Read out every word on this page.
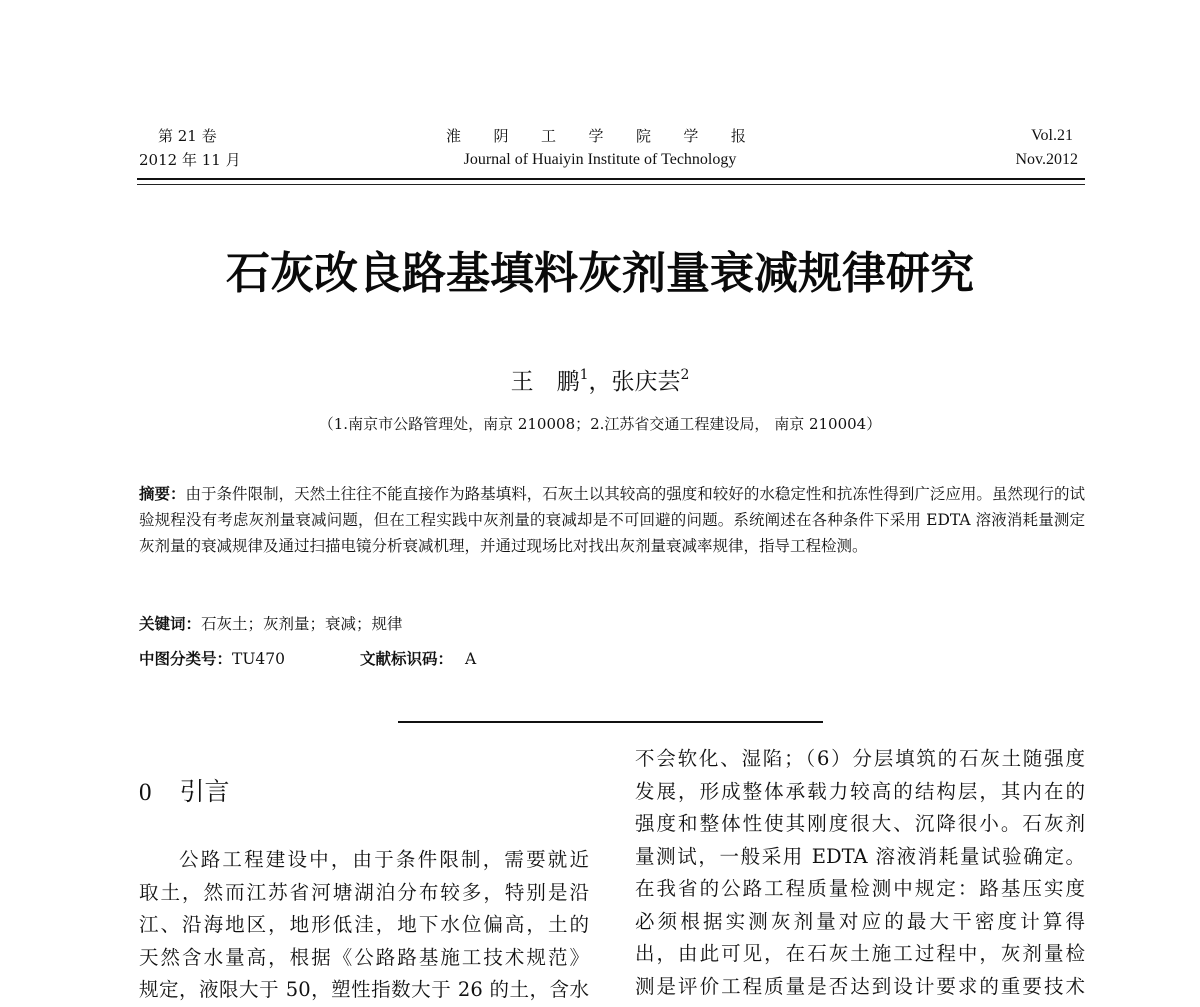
第 21 卷
2012 年 11 月
淮 阴 工 学 院 学 报
Journal of Huaiyin Institute of Technology
Vol.21
Nov.2012
石灰改良路基填料灰剂量衰减规律研究
王　鹏$^1$，张庆芸$^2$
（1.南京市公路管理处，南京 210008；2.江苏省交通工程建设局， 南京 210004）
摘要：由于条件限制，天然土往往不能直接作为路基填料，石灰土以其较高的强度和较好的水稳定性和抗冻性得到广泛应用。虽然现行的试验规程没有考虑灰剂量衰减问题，但在工程实践中灰剂量的衰减却是不可回避的问题。系统阐述在各种条件下采用 EDTA 溶液消耗量测定灰剂量的衰减规律及通过扫描电镜分析衰减机理，并通过现场比对找出灰剂量衰减率规律，指导工程检测。
关键词：石灰土；灰剂量；衰减；规律
中图分类号：TU470	文献标识码： A
0 引言
公路工程建设中，由于条件限制，需要就近
取土，然而江苏省河塘湖泊分布较多，特别是沿
江、沿海地区，地形低洼，地下水位偏高，土的
天然含水量高，根据《公路路基施工技术规范》
规定，液限大于 50，塑性指数大于 26 的土，含水
不会软化、湿陷；（6）分层填筑的石灰土随强度
发展，形成整体承载力较高的结构层，其内在的
强度和整体性使其刚度很大、沉降很小。石灰剂
量测试，一般采用 EDTA 溶液消耗量试验确定。
在我省的公路工程质量检测中规定：路基压实度
必须根据实测灰剂量对应的最大干密度计算得
出，由此可见，在石灰土施工过程中，灰剂量检
测是评价工程质量是否达到设计要求的重要技术
